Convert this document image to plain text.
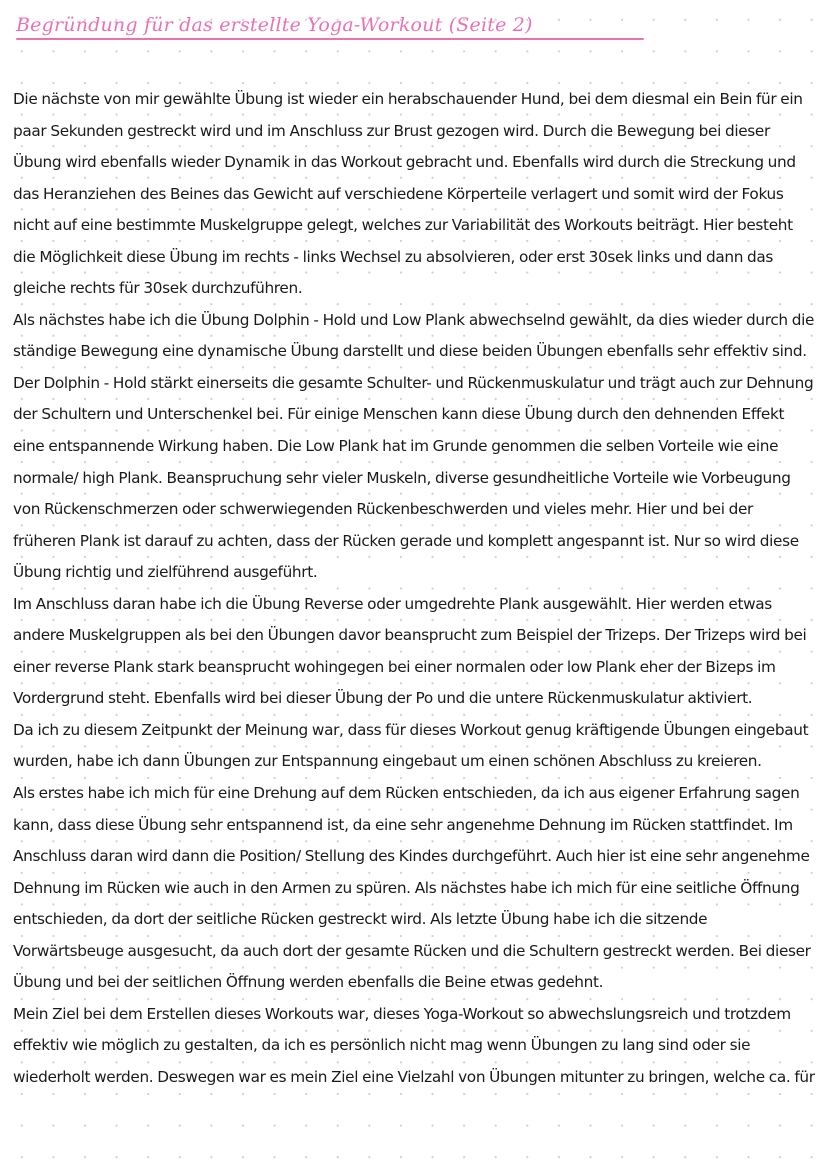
Begründung für das erstellte Yoga-Workout (Seite 2)

Die nächste von mir gewählte Übung ist wieder ein herabschauender Hund, bei dem diesmal ein Bein für ein paar Sekunden gestreckt wird und im Anschluss zur Brust gezogen wird. Durch die Bewegung bei dieser Übung wird ebenfalls wieder Dynamik in das Workout gebracht und. Ebenfalls wird durch die Streckung und das Heranziehen des Beines das Gewicht auf verschiedene Körperteile verlagert und somit wird der Fokus nicht auf eine bestimmte Muskelgruppe gelegt, welches zur Variabilität des Workouts beiträgt. Hier besteht die Möglichkeit diese Übung im rechts - links Wechsel zu absolvieren, oder erst 30sek links und dann das gleiche rechts für 30sek durchzuführen.

Als nächstes habe ich die Übung Dolphin - Hold und Low Plank abwechselnd gewählt, da dies wieder durch die ständige Bewegung eine dynamische Übung darstellt und diese beiden Übungen ebenfalls sehr effektiv sind. Der Dolphin - Hold stärkt einerseits die gesamte Schulter- und Rückenmuskulatur und trägt auch zur Dehnung der Schultern und Unterschenkel bei. Für einige Menschen kann diese Übung durch den dehnenden Effekt eine entspannende Wirkung haben. Die Low Plank hat im Grunde genommen die selben Vorteile wie eine normale/ high Plank. Beanspruchung sehr vieler Muskeln, diverse gesundheitliche Vorteile wie Vorbeugung von Rückenschmerzen oder schwerwiegenden Rückenbeschwerden und vieles mehr. Hier und bei der früheren Plank ist darauf zu achten, dass der Rücken gerade und komplett angespannt ist. Nur so wird diese Übung richtig und zielführend ausgeführt.

Im Anschluss daran habe ich die Übung Reverse oder umgedrehte Plank ausgewählt. Hier werden etwas andere Muskelgruppen als bei den Übungen davor beansprucht zum Beispiel der Trizeps. Der Trizeps wird bei einer reverse Plank stark beansprucht wohingegen bei einer normalen oder low Plank eher der Bizeps im Vordergrund steht. Ebenfalls wird bei dieser Übung der Po und die untere Rückenmuskulatur aktiviert.

Da ich zu diesem Zeitpunkt der Meinung war, dass für dieses Workout genug kräftigende Übungen eingebaut wurden, habe ich dann Übungen zur Entspannung eingebaut um einen schönen Abschluss zu kreieren.

Als erstes habe ich mich für eine Drehung auf dem Rücken entschieden, da ich aus eigener Erfahrung sagen kann, dass diese Übung sehr entspannend ist, da eine sehr angenehme Dehnung im Rücken stattfindet. Im Anschluss daran wird dann die Position/ Stellung des Kindes durchgeführt. Auch hier ist eine sehr angenehme Dehnung im Rücken wie auch in den Armen zu spüren. Als nächstes habe ich mich für eine seitliche Öffnung entschieden, da dort der seitliche Rücken gestreckt wird. Als letzte Übung habe ich die sitzende Vorwärtsbeuge ausgesucht, da auch dort der gesamte Rücken und die Schultern gestreckt werden. Bei dieser Übung und bei der seitlichen Öffnung werden ebenfalls die Beine etwas gedehnt.

Mein Ziel bei dem Erstellen dieses Workouts war, dieses Yoga-Workout so abwechslungsreich und trotzdem effektiv wie möglich zu gestalten, da ich es persönlich nicht mag wenn Übungen zu lang sind oder sie wiederholt werden. Deswegen war es mein Ziel eine Vielzahl von Übungen mitunter zu bringen, welche ca. für
